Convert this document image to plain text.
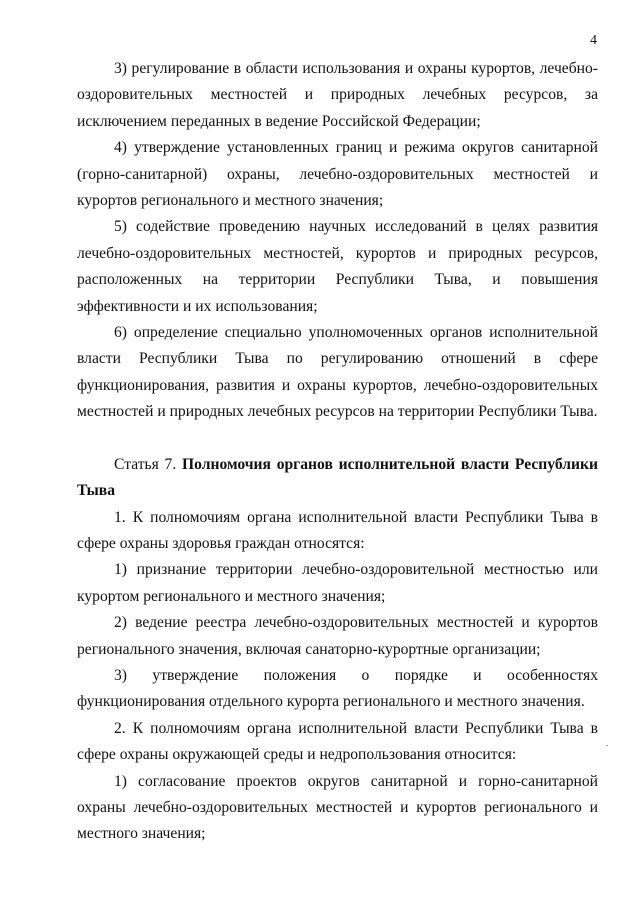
4

3) регулирование в области использования и охраны курортов, лечебно-оздоровительных местностей и природных лечебных ресурсов, за исключением переданных в ведение Российской Федерации;

4) утверждение установленных границ и режима округов санитарной (горно-санитарной) охраны, лечебно-оздоровительных местностей и курортов регионального и местного значения;

5) содействие проведению научных исследований в целях развития лечебно-оздоровительных местностей, курортов и природных ресурсов, расположенных на территории Республики Тыва, и повышения эффективности и их использования;

6) определение специально уполномоченных органов исполнительной власти Республики Тыва по регулированию отношений в сфере функционирования, развития и охраны курортов, лечебно-оздоровительных местностей и природных лечебных ресурсов на территории Республики Тыва.

Статья 7. Полномочия органов исполнительной власти Республики Тыва

1. К полномочиям органа исполнительной власти Республики Тыва в сфере охраны здоровья граждан относятся:

1) признание территории лечебно-оздоровительной местностью или курортом регионального и местного значения;

2) ведение реестра лечебно-оздоровительных местностей и курортов регионального значения, включая санаторно-курортные организации;

3) утверждение положения о порядке и особенностях функционирования отдельного курорта регионального и местного значения.

2. К полномочиям органа исполнительной власти Республики Тыва в сфере охраны окружающей среды и недропользования относится:

1) согласование проектов округов санитарной и горно-санитарной охраны лечебно-оздоровительных местностей и курортов регионального и местного значения;
